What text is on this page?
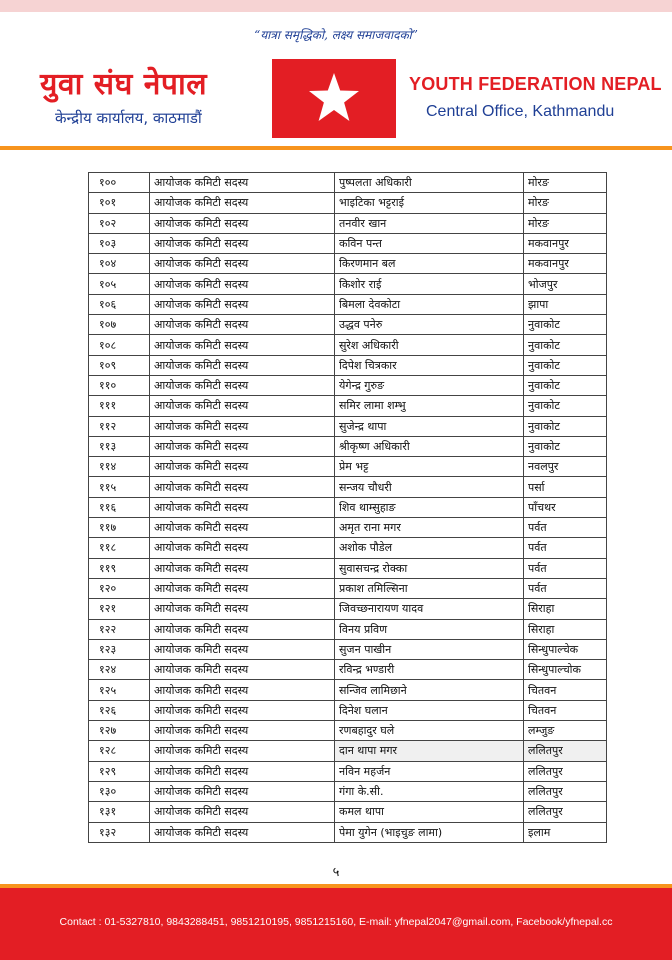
“यात्रा समृद्धिको, लक्ष्य समाजवादको”
युवा संघ नेपाल
केन्द्रीय कार्यालय, काठमाडौं
YOUTH FEDERATION NEPAL
Central Office, Kathmandu
१००	आयोजक कमिटी सदस्य	पुष्पलता अधिकारी	मोरङ
१०१	आयोजक कमिटी सदस्य	भाइटिका भट्टराई	मोरङ
१०२	आयोजक कमिटी सदस्य	तनवीर खान	मोरङ
१०३	आयोजक कमिटी सदस्य	कविन पन्त	मकवानपुर
१०४	आयोजक कमिटी सदस्य	किरणमान बल	मकवानपुर
१०५	आयोजक कमिटी सदस्य	किशोर राई	भोजपुर
१०६	आयोजक कमिटी सदस्य	बिमला देवकोटा	झापा
१०७	आयोजक कमिटी सदस्य	उद्धव पनेरु	नुवाकोट
१०८	आयोजक कमिटी सदस्य	सुरेश अधिकारी	नुवाकोट
१०९	आयोजक कमिटी सदस्य	दिपेश चित्रकार	नुवाकोट
११०	आयोजक कमिटी सदस्य	येगेन्द्र गुरुङ	नुवाकोट
१११	आयोजक कमिटी सदस्य	समिर लामा शम्भु	नुवाकोट
११२	आयोजक कमिटी सदस्य	सुजेन्द्र थापा	नुवाकोट
११३	आयोजक कमिटी सदस्य	श्रीकृष्ण अधिकारी	नुवाकोट
११४	आयोजक कमिटी सदस्य	प्रेम भट्ट	नवलपुर
११५	आयोजक कमिटी सदस्य	सन्जय चौधरी	पर्सा
११६	आयोजक कमिटी सदस्य	शिव थाम्सुहाङ	पाँचथर
११७	आयोजक कमिटी सदस्य	अमृत राना मगर	पर्वत
११८	आयोजक कमिटी सदस्य	अशोक पौडेल	पर्वत
११९	आयोजक कमिटी सदस्य	सुवासचन्द्र रोक्का	पर्वत
१२०	आयोजक कमिटी सदस्य	प्रकाश तमिल्सिना	पर्वत
१२१	आयोजक कमिटी सदस्य	जिवच्छनारायण यादव	सिराहा
१२२	आयोजक कमिटी सदस्य	विनय प्रविण	सिराहा
१२३	आयोजक कमिटी सदस्य	सुजन पाखीन	सिन्धुपाल्चेक
१२४	आयोजक कमिटी सदस्य	रविन्द्र भण्डारी	सिन्धुपाल्चोक
१२५	आयोजक कमिटी सदस्य	सन्जिव लामिछाने	चितवन
१२६	आयोजक कमिटी सदस्य	दिनेश घलान	चितवन
१२७	आयोजक कमिटी सदस्य	रणबहादुर घले	लम्जुङ
१२८	आयोजक कमिटी सदस्य	दान थापा मगर	ललितपुर
१२९	आयोजक कमिटी सदस्य	नविन महर्जन	ललितपुर
१३०	आयोजक कमिटी सदस्य	गंगा के.सी.	ललितपुर
१३१	आयोजक कमिटी सदस्य	कमल थापा	ललितपुर
१३२	आयोजक कमिटी सदस्य	पेमा युगेन (भाइचुङ लामा)	इलाम
५
Contact : 01-5327810, 9843288451, 9851210195, 9851215160, E-mail: yfnepal2047@gmail.com, Facebook/yfnepal.cc
